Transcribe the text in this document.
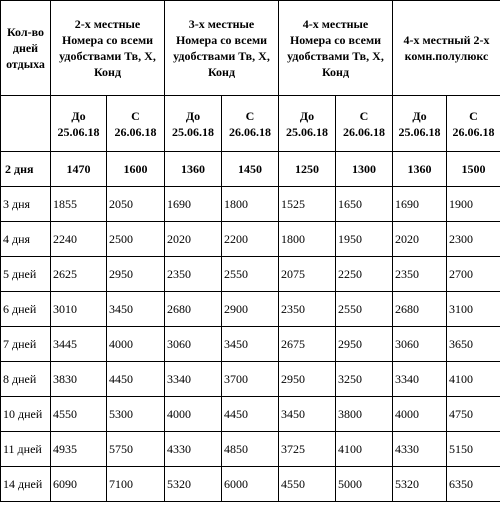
Кол-во дней отдыха	2-х местные Номера со всеми удобствами Тв, Х, Конд		3-х местные Номера со всеми удобствами Тв, Х, Конд		4-х местные Номера со всеми удобствами Тв, Х, Конд		4-х местный 2-х комн.полулюкс	
	До 25.06.18	С 26.06.18	До 25.06.18	С 26.06.18	До 25.06.18	С 26.06.18	До 25.06.18	С 26.06.18
2 дня	1470	1600	1360	1450	1250	1300	1360	1500
3 дня	1855	2050	1690	1800	1525	1650	1690	1900
4 дня	2240	2500	2020	2200	1800	1950	2020	2300
5 дней	2625	2950	2350	2550	2075	2250	2350	2700
6 дней	3010	3450	2680	2900	2350	2550	2680	3100
7 дней	3445	4000	3060	3450	2675	2950	3060	3650
8 дней	3830	4450	3340	3700	2950	3250	3340	4100
10 дней	4550	5300	4000	4450	3450	3800	4000	4750
11 дней	4935	5750	4330	4850	3725	4100	4330	5150
14 дней	6090	7100	5320	6000	4550	5000	5320	6350
